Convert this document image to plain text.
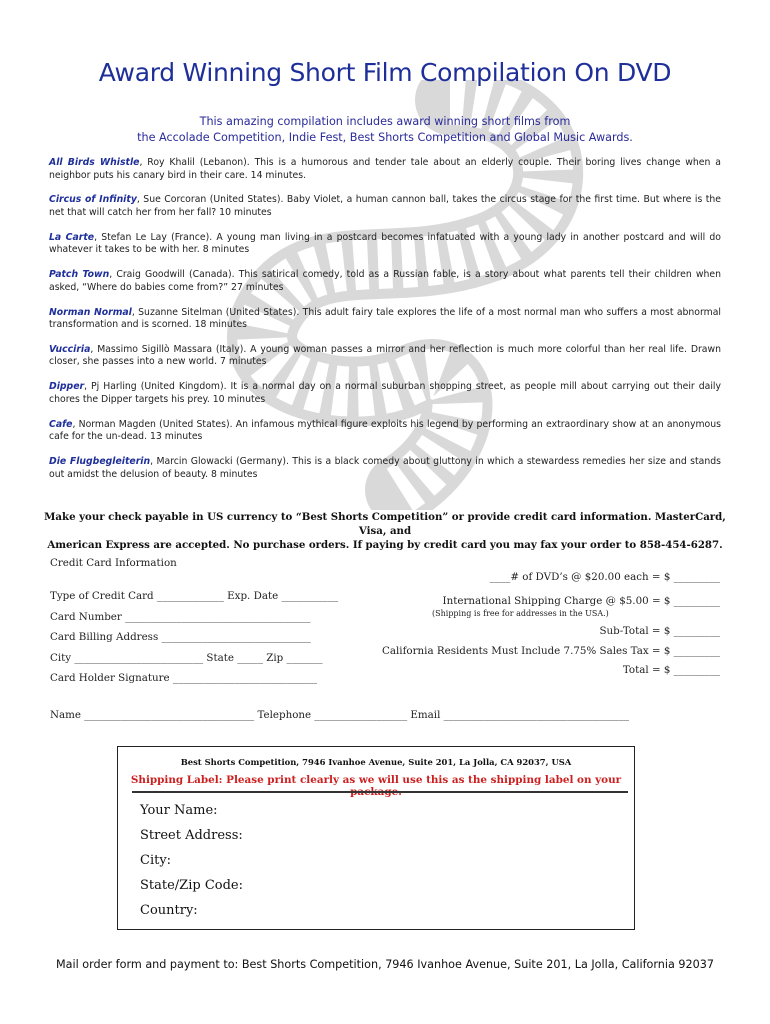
Award Winning Short Film Compilation On DVD
This amazing compilation includes award winning short films from
the Accolade Competition, Indie Fest, Best Shorts Competition and Global Music Awards.
All Birds Whistle, Roy Khalil (Lebanon). This is a humorous and tender tale about an elderly couple. Their boring lives change when a neighbor puts his canary bird in their care. 14 minutes.
Circus of Infinity, Sue Corcoran (United States). Baby Violet, a human cannon ball, takes the circus stage for the first time. But where is the net that will catch her from her fall? 10 minutes
La Carte, Stefan Le Lay (France). A young man living in a postcard becomes infatuated with a young lady in another postcard and will do whatever it takes to be with her. 8 minutes
Patch Town, Craig Goodwill (Canada). This satirical comedy, told as a Russian fable, is a story about what parents tell their children when asked, “Where do babies come from?” 27 minutes
Norman Normal, Suzanne Sitelman (United States). This adult fairy tale explores the life of a most normal man who suffers a most abnormal transformation and is scorned. 18 minutes
Vucciria, Massimo Sigillò Massara (Italy). A young woman passes a mirror and her reflection is much more colorful than her real life. Drawn closer, she passes into a new world. 7 minutes
Dipper, Pj Harling (United Kingdom). It is a normal day on a normal suburban shopping street, as people mill about carrying out their daily chores the Dipper targets his prey. 10 minutes
Cafe, Norman Magden (United States). An infamous mythical figure exploits his legend by performing an extraordinary show at an anonymous cafe for the un-dead. 13 minutes
Die Flugbegleiterin, Marcin Glowacki (Germany). This is a black comedy about gluttony in which a stewardess remedies her size and stands out amidst the delusion of beauty. 8 minutes
Make your check payable in US currency to “Best Shorts Competition” or provide credit card information. MasterCard, Visa, and
American Express are accepted. No purchase orders. If paying by credit card you may fax your order to 858-454-6287.
Credit Card Information
____# of DVD’s @ $20.00 each = $ _________
Type of Credit Card _____________ Exp. Date ___________	International Shipping Charge @ $5.00 = $ _________
(Shipping is free for addresses in the USA.)
Card Number ____________________________________
Sub-Total = $ _________
Card Billing Address _____________________________
California Residents Must Include 7.75% Sales Tax = $ _________
City _________________________ State _____ Zip _______
Total = $ _________
Card Holder Signature ____________________________
Name _________________________________ Telephone __________________ Email ____________________________________
Best Shorts Competition, 7946 Ivanhoe Avenue, Suite 201, La Jolla, CA 92037, USA
Shipping Label: Please print clearly as we will use this as the shipping label on your package.
Your Name:
Street Address:
City:
State/Zip Code:
Country:
Mail order form and payment to: Best Shorts Competition, 7946 Ivanhoe Avenue, Suite 201, La Jolla, California 92037
